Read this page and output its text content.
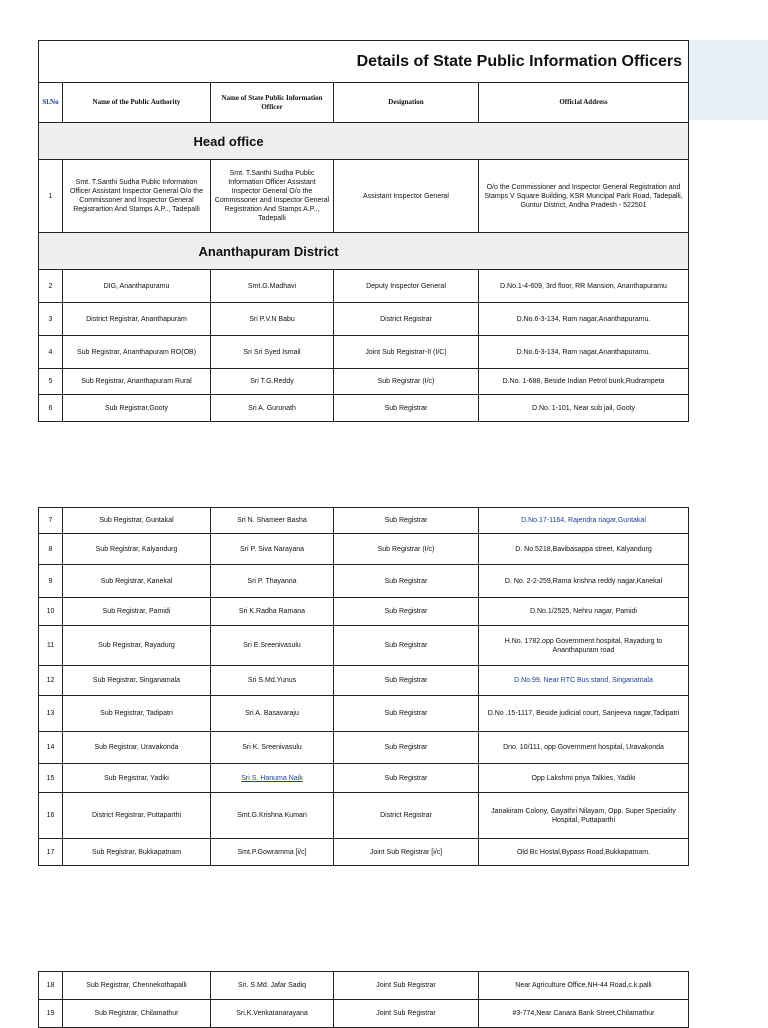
Details of State Public Information Officers				
Sl.No	Name of the Public Authority	Name of State Public Information Officer	Designation	Official Address
Head office				
1	Smt. T.Santhi Sudha Public Information Officer Assistant Inspector General O/o the Commissoner and Inspector General Registrartion And Stamps A.P.., Tadepalli	Smt. T.Santhi Sudha Public Information Officer Assistant Inspector General O/o the Commissoner and Inspector General Registration And Stamps A.P.., Tadepalli	Assistant Inspector General	O/o the Commissioner and Inspector General Registration and Stamps V Square Building, KSR Muncipal Park Road, Tadepalli, Guntur District, Andha Pradesh - 522501
Ananthapuram District				
2	DIG, Ananthapuramu	Smt.G.Madhavi	Deputy Inspector General	D.No.1-4-609, 3rd floor, RR Mansion, Ananthapuramu
3	District Registrar, Ananthapuram	Sri P.V.N Babu	District Registrar	D.No.6-3-134, Ram nagar,Ananthapuramu.
4	Sub Registrar, Ananthapuram RO(OB)	Sri Sri Syed Ismail	Joint Sub Registrar-II (I/C)	D.No.6-3-134, Ram nagar,Ananthapuramu.
5	Sub Registrar, Ananthapuram Rural	Sri T.G.Reddy	Sub Registrar (I/c)	D.No. 1-688, Beside Indian Petrol bunk,Rudrampeta
6	Sub Registrar,Gooty	Sri A. Gurunath	Sub Registrar	D.No. 1-101, Near sub jail, Gooty
7	Sub Registrar, Guntakal	Sri N. Shameer Basha	Sub Registrar	D.No.17-1164, Rajendra nagar,Guntakal
8	Sub Registrar, Kalyandurg	Sri P. Siva Narayana	Sub Registrar (I/c)	D. No.5218,Bavibasappa street, Kalyandurg
9	Sub Registrar, Kanekal	Sri P. Thayanna	Sub Registrar	D. No. 2-2-259,Rama krishna reddy nagar,Kanekal
10	Sub Registrar, Pamidi	Sri K.Radha Ramana	Sub Registrar	D.No.1/2525, Nehru nagar, Pamidi
11	Sub Registrar, Rayadurg	Sri E.Sreenivasulu	Sub Registrar	H.No. 1782.opp Government hospital, Rayadurg to Ananthapuram road
12	Sub Registrar, Singanamala	Sri S.Md.Yunus	Sub Registrar	D.No.99, Near RTC Bus stand, Singanamala
13	Sub Registrar, Tadipatri	Sri A. Basavaraju	Sub Registrar	D.No .15-1117, Beside judicial court, Sanjeeva nagar,Tadipatri
14	Sub Registrar, Uravakonda	Sri K. Sreenivasulu	Sub Registrar	Dno. 10/111, opp Government hospital, Uravakonda
15	Sub Registrar, Yadiki	Sri S. Hanuma Naik	Sub Registrar	Opp Lakshmi priya Talkies, Yadiki
16	District Registrar, Puttaparthi	Smt.G.Krishna Kumari	District Registrar	Janakiram Colony, Gayathri Nilayam, Opp. Super Speciality Hospital, Puttaparthi
17	Sub Registrar, Bukkapatnam	Smt.P.Gowramma [i/c]	Joint Sub Registrar [i/c]	Old Bc Hostal,Bypass Road,Bukkapatnam.
18	Sub Registrar, Chennekothapalli	Sri. S.Md. Jafar Sadiq	Joint Sub Registrar	Near Agriculture Office,NH-44 Road,c.k.palli
19	Sub Registrar, Chilamathur	Sri.K.Venkatanarayana	Joint Sub Registrar	#3-774,Near Canara Bank Street,Chilamathur
